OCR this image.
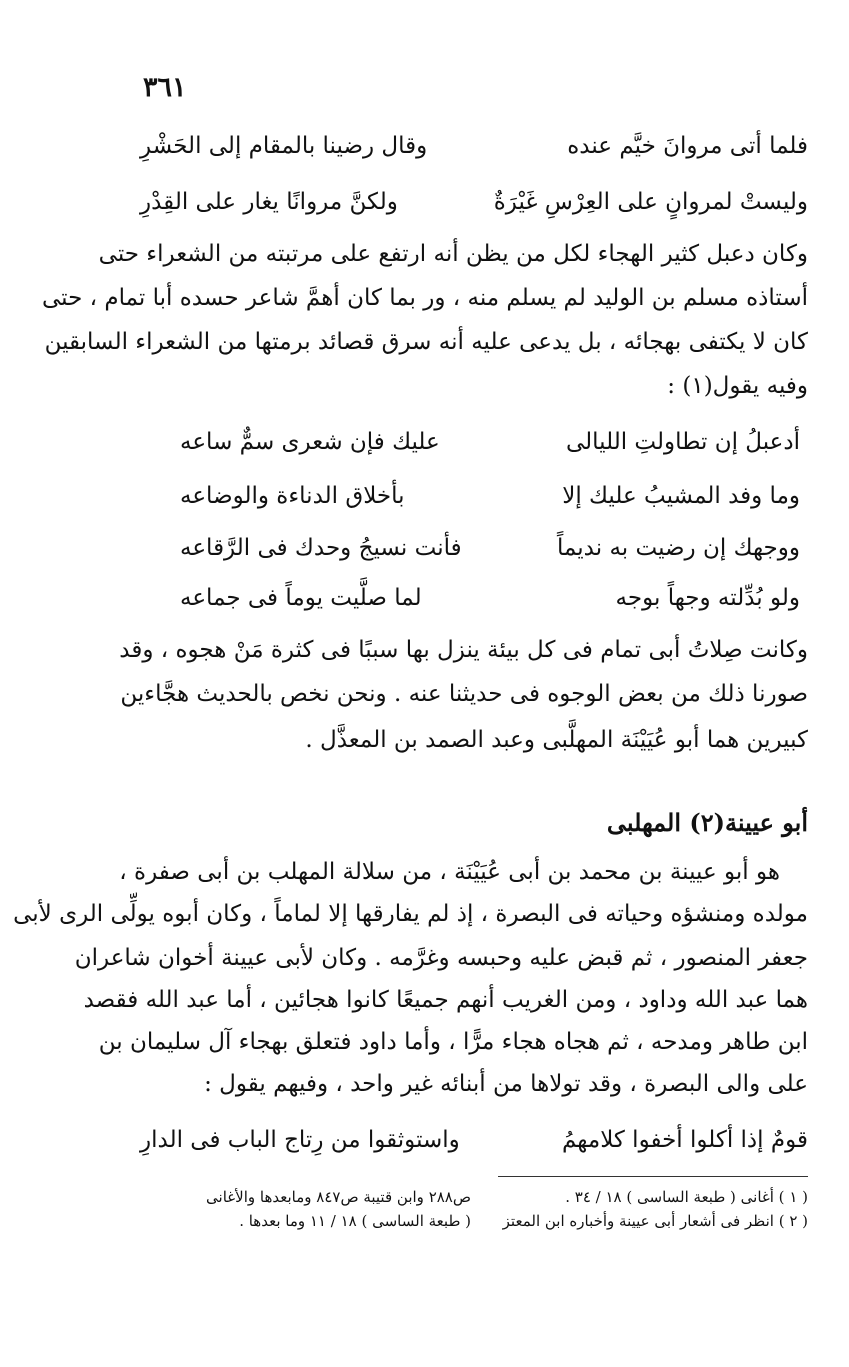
٣٦١
فلما أتى مروانَ خيَّم عنده
وقال رضينا بالمقام إلى الحَشْرِ
وليستْ لمروانٍ على العِرْسِ غَيْرَةٌ
ولكنَّ مروانًا يغار على القِدْرِ
وكان دعبل كثير الهجاء لكل من يظن أنه ارتفع على مرتبته من الشعراء حتى
أستاذه مسلم بن الوليد لم يسلم منه ، ور بما كان أهمَّ شاعر حسده أبا تمام ، حتى
كان لا يكتفى بهجائه ، بل يدعى عليه أنه سرق قصائد برمتها من الشعراء السابقين
وفيه يقول(١) :
أدعبلُ إن تطاولتِ الليالى
عليك فإن شعرى سمٌّ ساعه
وما وفد المشيبُ عليك إلا
بأخلاق الدناءة والوضاعه
ووجهك إن رضيت به نديماً
فأنت نسيجُ وحدك فى الرَّقاعه
ولو بُدِّلته وجهاً بوجه
لما صلَّيت يوماً فى جماعه
وكانت صِلاتُ أبى تمام فى كل بيئة ينزل بها سببًا فى كثرة مَنْ هجوه ، وقد
صورنا ذلك من بعض الوجوه فى حديثنا عنه . ونحن نخص بالحديث هجَّاءين
كبيرين هما أبو عُيَيْنَة المهلَّبى وعبد الصمد بن المعذَّل .
أبو عيينة(٢) المهلبى
هو أبو عيينة بن محمد بن أبى عُيَيْنَة ، من سلالة المهلب بن أبى صفرة ،
مولده ومنشؤه وحياته فى البصرة ، إذ لم يفارقها إلا لماماً ، وكان أبوه يولِّى الرى لأبى
جعفر المنصور ، ثم قبض عليه وحبسه وغرَّمه . وكان لأبى عيينة أخوان شاعران
هما عبد الله وداود ، ومن الغريب أنهم جميعًا كانوا هجائين ، أما عبد الله فقصد
ابن طاهر ومدحه ، ثم هجاه هجاء مرًّا ، وأما داود فتعلق بهجاء آل سليمان بن
على والى البصرة ، وقد تولاها من أبنائه غير واحد ، وفيهم يقول :
قومٌ إذا أكلوا أخفوا كلامهمُ
واستوثقوا من رِتاج الباب فى الدارِ
( ١ ) أغانى ( طبعة الساسى ) ١٨ / ٣٤ .
( ٢ ) انظر فى أشعار أبى عيينة وأخباره ابن المعتز
ص٢٨٨ وابن قتيبة ص٨٤٧ ومابعدها والأغانى
( طبعة الساسى ) ١٨ / ١١ وما بعدها .
